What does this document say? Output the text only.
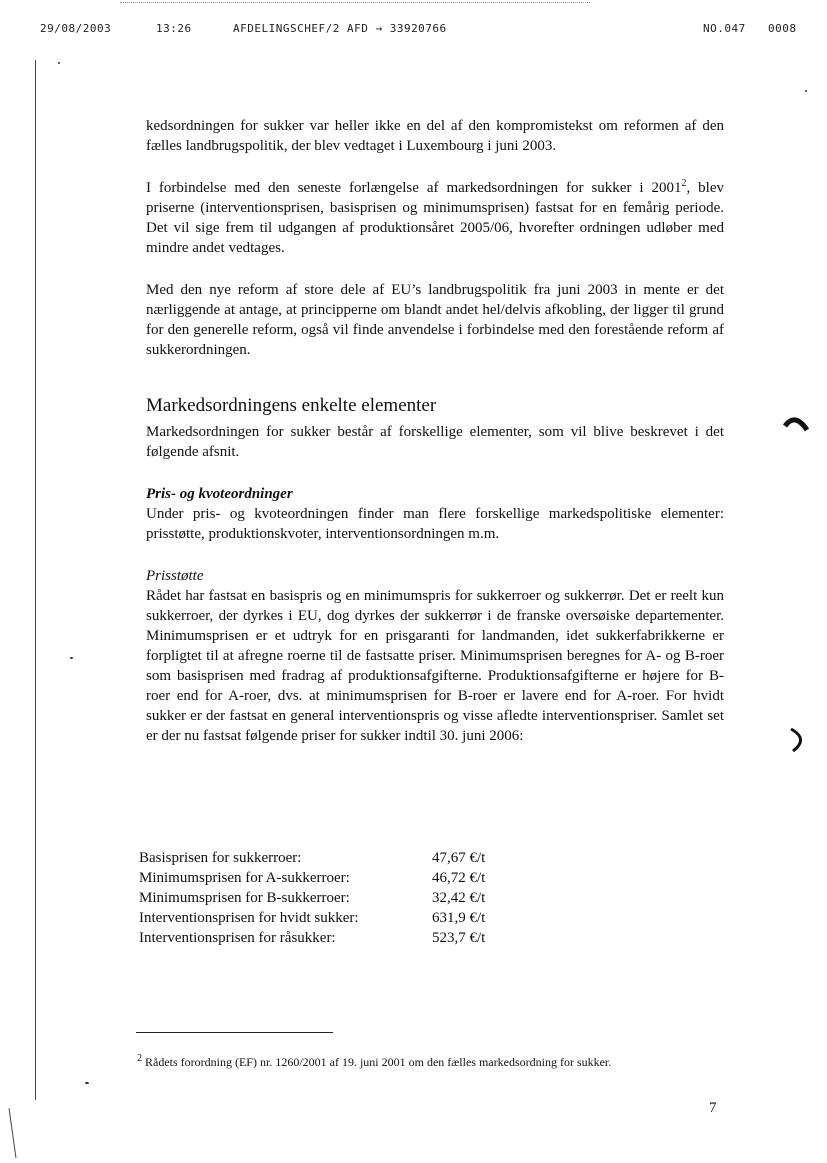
29/08/2003	13:26	AFDELINGSCHEF/2 AFD → 33920766	NO.047 0008

kedsordningen for sukker var heller ikke en del af den kompromistekst om reformen af den fælles landbrugspolitik, der blev vedtaget i Luxembourg i juni 2003.

I forbindelse med den seneste forlængelse af markedsordningen for sukker i 2001$^2$, blev priserne (interventionsprisen, basisprisen og minimumsprisen) fastsat for en femårig periode. Det vil sige frem til udgangen af produktionsåret 2005/06, hvorefter ordningen udløber med mindre andet vedtages.

Med den nye reform af store dele af EU’s landbrugspolitik fra juni 2003 in mente er det nærliggende at antage, at principperne om blandt andet hel/delvis afkobling, der ligger til grund for den generelle reform, også vil finde anvendelse i forbindelse med den forestående reform af sukkerordningen.

Markedsordningens enkelte elementer

Markedsordningen for sukker består af forskellige elementer, som vil blive beskrevet i det følgende afsnit.

Pris- og kvoteordninger

Under pris- og kvoteordningen finder man flere forskellige markedspolitiske elementer: prisstøtte, produktionskvoter, interventionsordningen m.m.

Prisstøtte

Rådet har fastsat en basispris og en minimumspris for sukkerroer og sukkerrør. Det er reelt kun sukkerroer, der dyrkes i EU, dog dyrkes der sukkerrør i de franske oversøiske departementer. Minimumsprisen er et udtryk for en prisgaranti for landmanden, idet sukkerfabrikkerne er forpligtet til at afregne roerne til de fastsatte priser. Minimumsprisen beregnes for A- og B-roer som basisprisen med fradrag af produktionsafgifterne. Produktionsafgifterne er højere for B-roer end for A-roer, dvs. at minimumsprisen for B-roer er lavere end for A-roer. For hvidt sukker er der fastsat en general interventionspris og visse afledte interventionspriser. Samlet set er der nu fastsat følgende priser for sukker indtil 30. juni 2006:

Basisprisen for sukkerroer:	47,67 €/t
Minimumsprisen for A-sukkerroer:	46,72 €/t
Minimumsprisen for B-sukkerroer:	32,42 €/t
Interventionsprisen for hvidt sukker:	631,9 €/t
Interventionsprisen for råsukker:	523,7 €/t
$^2$ Rådets forordning (EF) nr. 1260/2001 af 19. juni 2001 om den fælles markedsordning for sukker.
7
